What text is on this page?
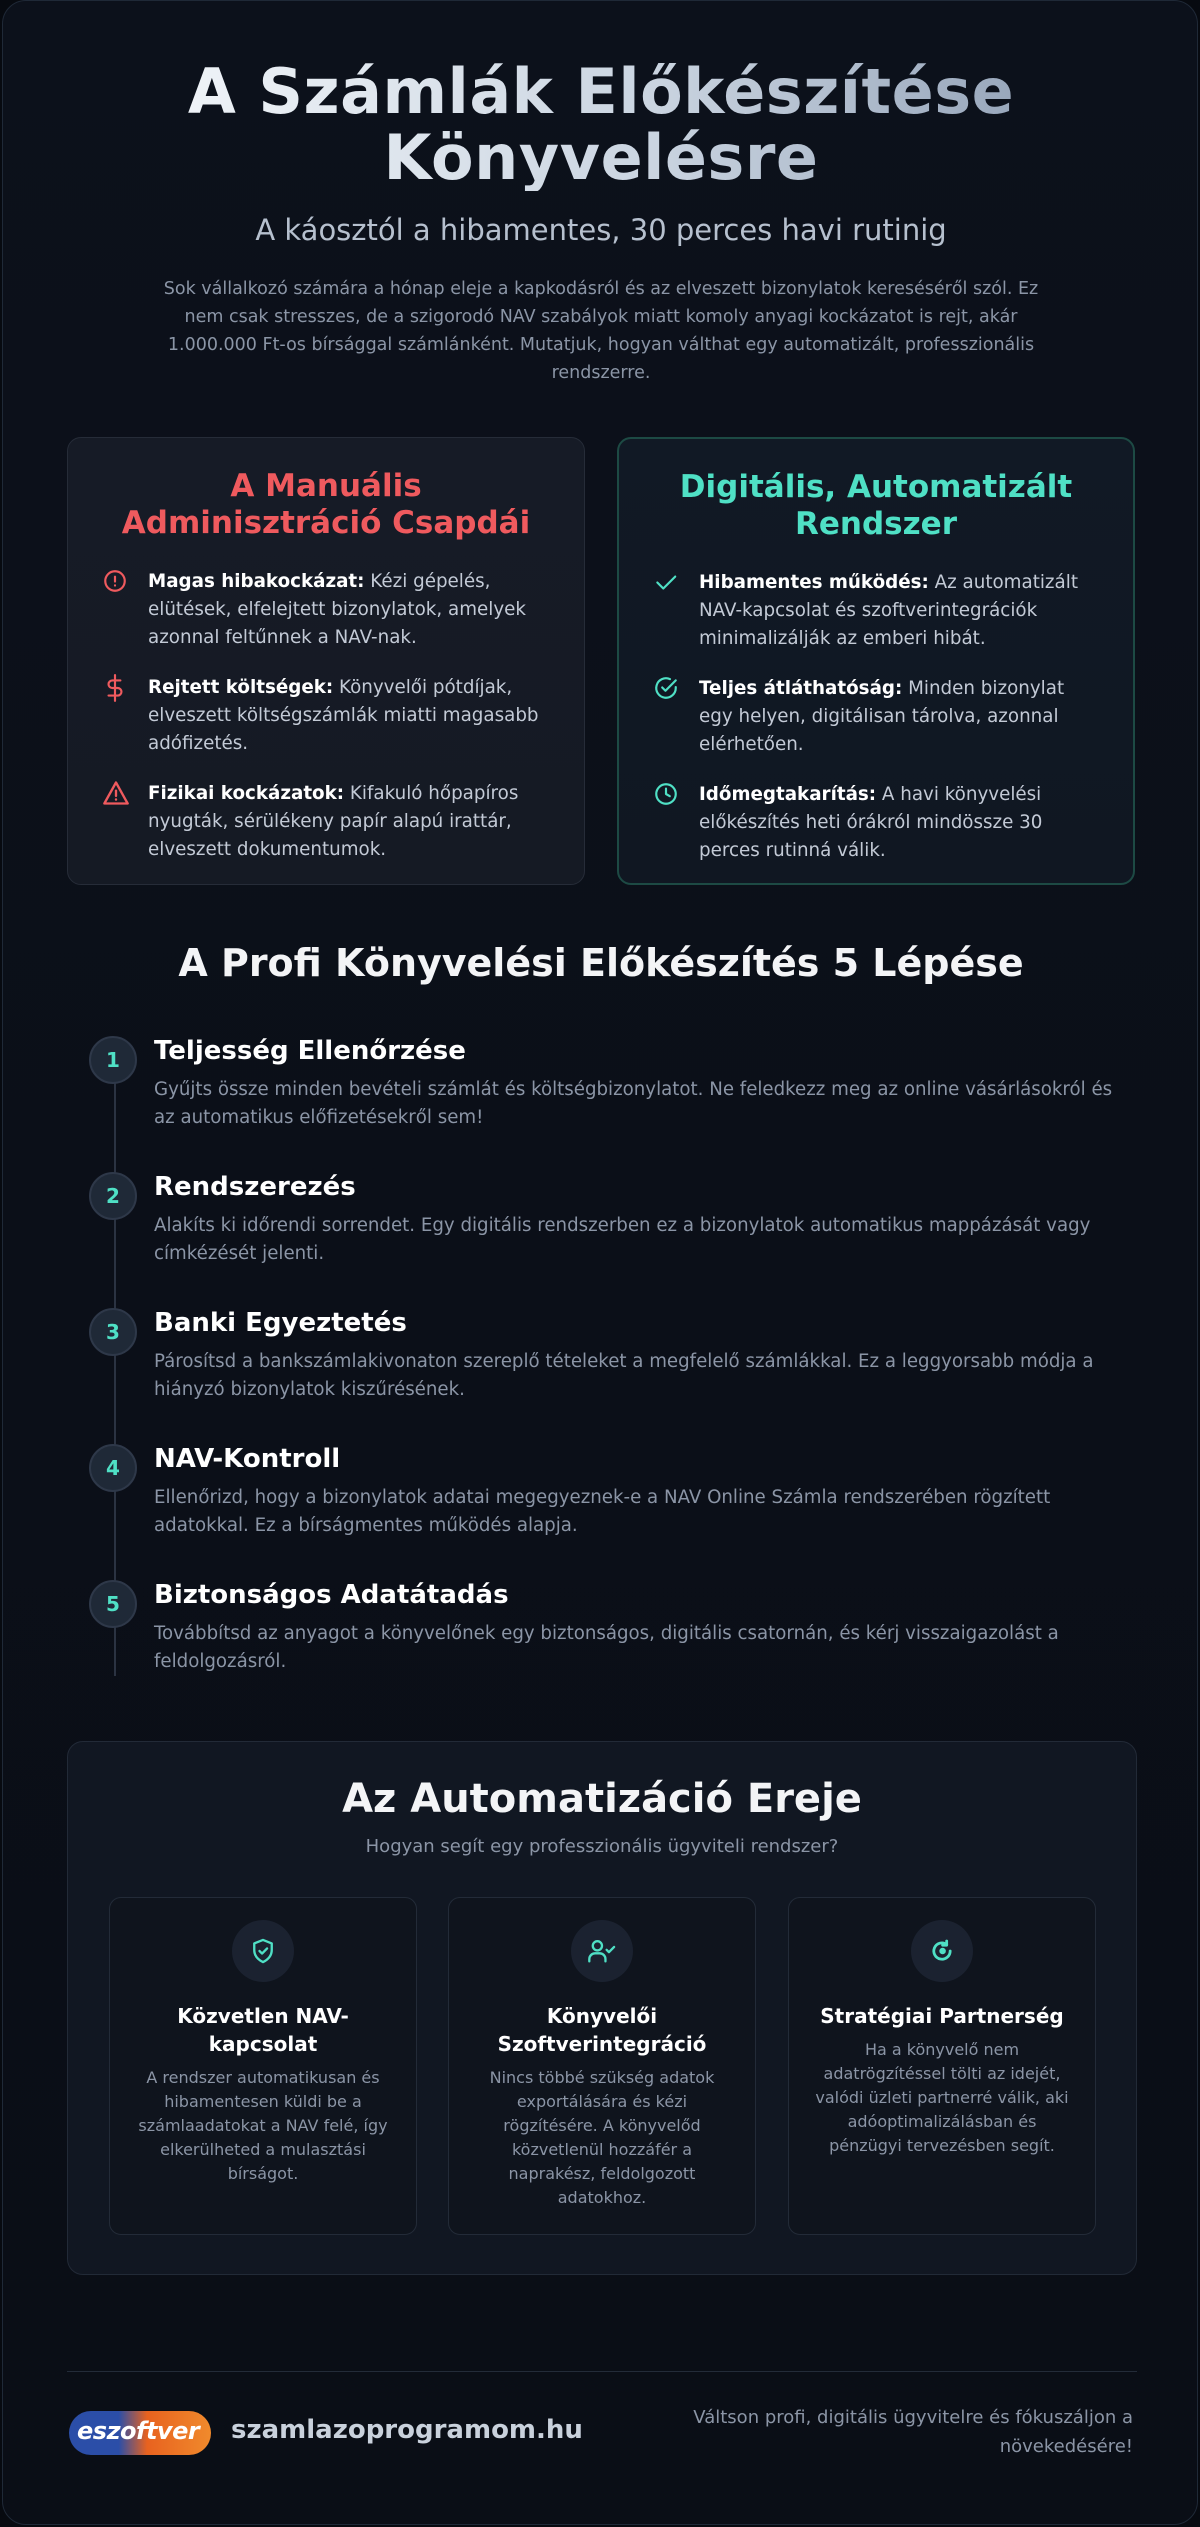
A Számlák Előkészítése Könyvelésre
A káosztól a hibamentes, 30 perces havi rutinig
Sok vállalkozó számára a hónap eleje a kapkodásról és az elveszett bizonylatok kereséséről szól. Ez nem csak stresszes, de a szigorodó NAV szabályok miatt komoly anyagi kockázatot is rejt, akár 1.000.000 Ft-os bírsággal számlánként. Mutatjuk, hogyan válthat egy automatizált, professzionális rendszerre.
A Manuális Adminisztráció Csapdái
Magas hibakockázat: Kézi gépelés, elütések, elfelejtett bizonylatok, amelyek azonnal feltűnnek a NAV-nak.
Rejtett költségek: Könyvelői pótdíjak, elveszett költségszámlák miatti magasabb adófizetés.
Fizikai kockázatok: Kifakuló hőpapíros nyugták, sérülékeny papír alapú irattár, elveszett dokumentumok.
Digitális, Automatizált Rendszer
Hibamentes működés: Az automatizált NAV-kapcsolat és szoftverintegrációk minimalizálják az emberi hibát.
Teljes átláthatóság: Minden bizonylat egy helyen, digitálisan tárolva, azonnal elérhetően.
Időmegtakarítás: A havi könyvelési előkészítés heti órákról mindössze 30 perces rutinná válik.
A Profi Könyvelési Előkészítés 5 Lépése
1	Teljesség Ellenőrzése

Gyűjts össze minden bevételi számlát és költségbizonylatot. Ne feledkezz meg az online vásárlásokról és az automatikus előfizetésekről sem!

2	Rendszerezés

Alakíts ki időrendi sorrendet. Egy digitális rendszerben ez a bizonylatok automatikus mappázását vagy címkézését jelenti.

3	Banki Egyeztetés

Párosítsd a bankszámlakivonaton szereplő tételeket a megfelelő számlákkal. Ez a leggyorsabb módja a hiányzó bizonylatok kiszűrésének.

4	NAV-Kontroll

Ellenőrizd, hogy a bizonylatok adatai megegyeznek-e a NAV Online Számla rendszerében rögzített adatokkal. Ez a bírságmentes működés alapja.

5	Biztonságos Adatátadás

Továbbítsd az anyagot a könyvelőnek egy biztonságos, digitális csatornán, és kérj visszaigazolást a feldolgozásról.

Az Automatizáció Ereje
Hogyan segít egy professzionális ügyviteli rendszer?
Közvetlen NAV-kapcsolat

A rendszer automatikusan és hibamentesen küldi be a számlaadatokat a NAV felé, így elkerülheted a mulasztási bírságot.

Könyvelői Szoftverintegráció

Nincs többé szükség adatok exportálására és kézi rögzítésére. A könyvelőd közvetlenül hozzáfér a naprakész, feldolgozott adatokhoz.

Stratégiai Partnerség

Ha a könyvelő nem adatrögzítéssel tölti az idejét, valódi üzleti partnerré válik, aki adóoptimalizálásban és pénzügyi tervezésben segít.

eszoftver szamlazoprogramom.hu	Váltson profi, digitális ügyvitelre és fókuszáljon a növekedésére!
